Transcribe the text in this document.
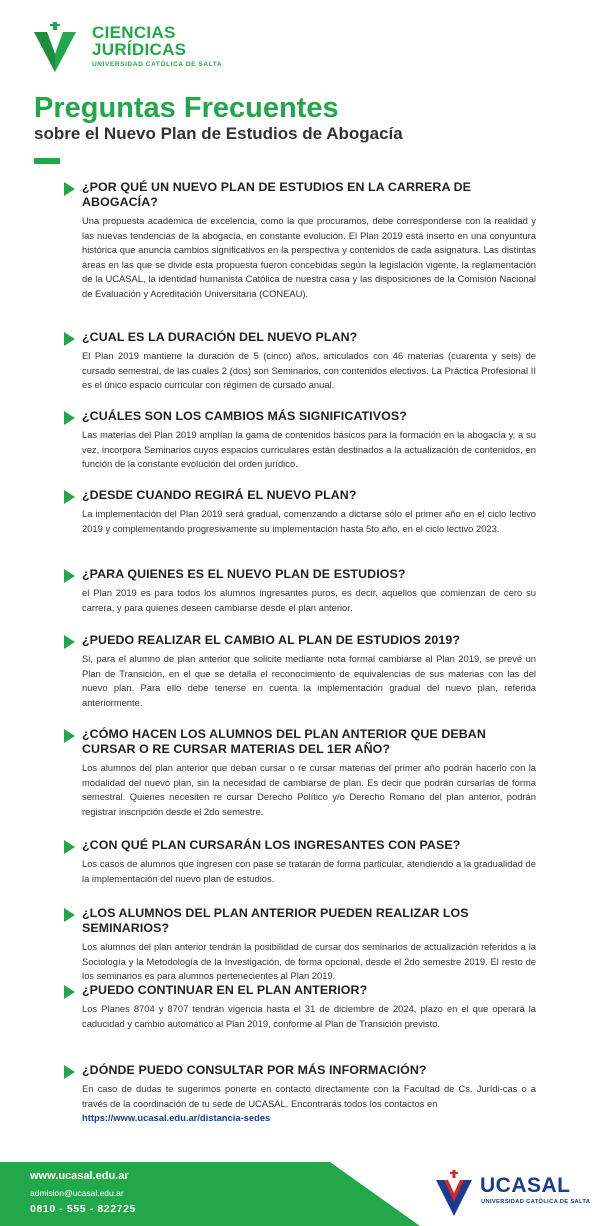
CIENCIAS
JURÍDICAS
UNIVERSIDAD CATÓLICA DE SALTA
Preguntas Frecuentes
sobre el Nuevo Plan de Estudios de Abogacía
¿POR QUÉ UN NUEVO PLAN DE ESTUDIOS EN LA CARRERA DE ABOGACÍA?

Una propuesta académica de excelencia, como la que procuramos, debe corresponderse con la realidad y las nuevas tendencias de la abogacía, en constante evolución. El Plan 2019 está inserto en una conyuntura histórica que anuncia cambios significativos en la perspectiva y contenidos de cada asignatura. Las distintas áreas en las que se divide esta propuesta fueron concebidas según la legislación vigente, la reglamentación de la UCASAL, la identidad humanista Católica de nuestra casa y las disposiciones de la Comisión Nacional de Evaluación y Acreditación Universitaria (CONEAU).

¿CUAL ES LA DURACIÓN DEL NUEVO PLAN?

El Plan 2019 mantiene la duración de 5 (cinco) años, articulados con 46 materias (cuarenta y seis) de cursado semestral, de las cuales 2 (dos) son Seminarios, con contenidos electivos. La Práctica Profesional II es el único espacio curricular con régimen de cursado anual.

¿CUÁLES SON LOS CAMBIOS MÁS SIGNIFICATIVOS?

Las materias del Plan 2019 amplían la gama de contenidos básicos para la formación en la abogacía y, a su vez, incorpora Seminarios cuyos espacios curriculares están destinados a la actualización de contenidos, en función de la constante evolución del orden jurídico.

¿DESDE CUANDO REGIRÁ EL NUEVO PLAN?

La implementación del Plan 2019 será gradual, comenzando a dictarse sólo el primer año en el ciclo lectivo 2019 y complementando progresivamente su implementación hasta 5to año, en el ciclo lectivo 2023.

¿PARA QUIENES ES EL NUEVO PLAN DE ESTUDIOS?

el Plan 2019 es para todos los alumnos ingresantes puros, es decir, aquellos que comienzan de cero su carrera, y para quienes deseen cambiarse desde el plan anterior.

¿PUEDO REALIZAR EL CAMBIO AL PLAN DE ESTUDIOS 2019?

Si, para el alumno de plan anterior que solicite mediante nota formal cambiarse al Plan 2019, se prevé un Plan de Transición, en el que se detalla el reconocimiento de equivalencias de sus materias con las del nuevo plan. Para ello debe tenerse en cuenta la implementación gradual del nuevo plan, referida anteriormente.

¿CÓMO HACEN LOS ALUMNOS DEL PLAN ANTERIOR QUE DEBAN CURSAR O RE CURSAR MATERIAS DEL 1ER AÑO?

Los alumnos del plan anterior que deban cursar o re cursar materias del primer año podrán hacerlo con la modalidad del nuevo plan, sin la necesidad de cambiarse de plan. Es decir que podrán cursarlas de forma semestral. Quienes necesiten re cursar Derecho Político y/o Derecho Romano del plan anterior, podrán registrar inscripción desde el 2do semestre.

¿CON QUÉ PLAN CURSARÁN LOS INGRESANTES CON PASE?

Los casos de alumnos que ingresen con pase se tratarán de forma particular, atendiendo a la gradualidad de la implementación del nuevo plan de estudios.

¿LOS ALUMNOS DEL PLAN ANTERIOR PUEDEN REALIZAR LOS SEMINARIOS?

Los alumnos del plan anterior tendrán la posibilidad de cursar dos seminarios de actualización referidos a la Sociología y la Metodología de la Investigación, de forma opcional, desde el 2do semestre 2019. El resto de los seminarios es para alumnos pertenecientes al Plan 2019.

¿PUEDO CONTINUAR EN EL PLAN ANTERIOR?

Los Planes 8704 y 8707 tendrán vigencia hasta el 31 de diciembre de 2024, plazo en el que operará la caducidad y cambio automático al Plan 2019, conforme al Plan de Transición previsto.

¿DÓNDE PUEDO CONSULTAR POR MÁS INFORMACIÓN?

En caso de dudas te sugerimos ponerte en contacto directamente con la Facultad de Cs. Jurídi-cas o a través de la coordinación de tu sede de UCASAL. Encontrarás todos los contactos en
https://www.ucasal.edu.ar/distancia-sedes

www.ucasal.edu.ar
admision@ucasal.edu.ar
0810 - 555 - 822725
UCASAL
UNIVERSIDAD CATÓLICA DE SALTA
